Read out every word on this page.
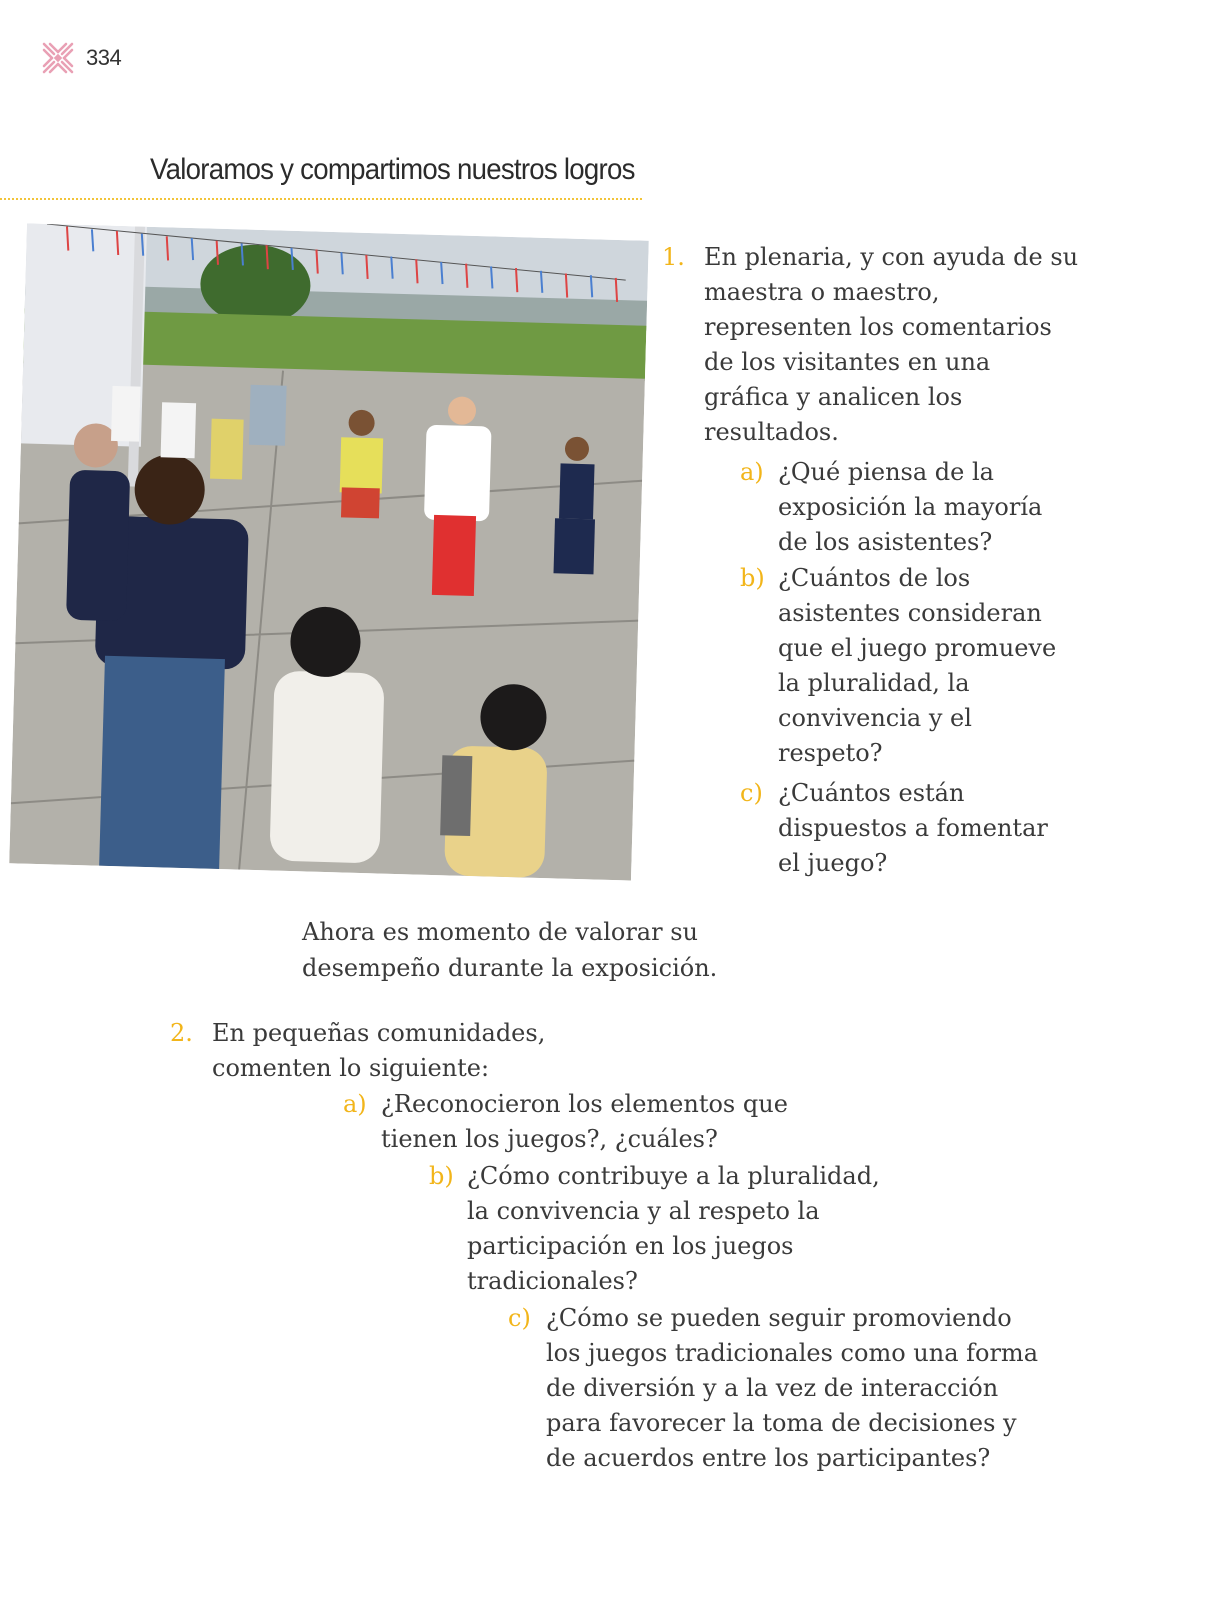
334
Valoramos y compartimos nuestros logros
1. En plenaria, y con ayuda de su maestra o maestro, representen los comentarios de los visitantes en una gráfica y analicen los resultados.
a) ¿Qué piensa de la exposición la mayoría de los asistentes?
b) ¿Cuántos de los asistentes consideran que el juego promueve la pluralidad, la convivencia y el respeto?
c) ¿Cuántos están dispuestos a fomentar el juego?

Ahora es momento de valorar su desempeño durante la exposición.

2. En pequeñas comunidades, comenten lo siguiente:
a) ¿Reconocieron los elementos que tienen los juegos?, ¿cuáles?
b) ¿Cómo contribuye a la pluralidad, la convivencia y al respeto la participación en los juegos tradicionales?
c) ¿Cómo se pueden seguir promoviendo los juegos tradicionales como una forma de diversión y a la vez de interacción para favorecer la toma de decisiones y de acuerdos entre los participantes?
